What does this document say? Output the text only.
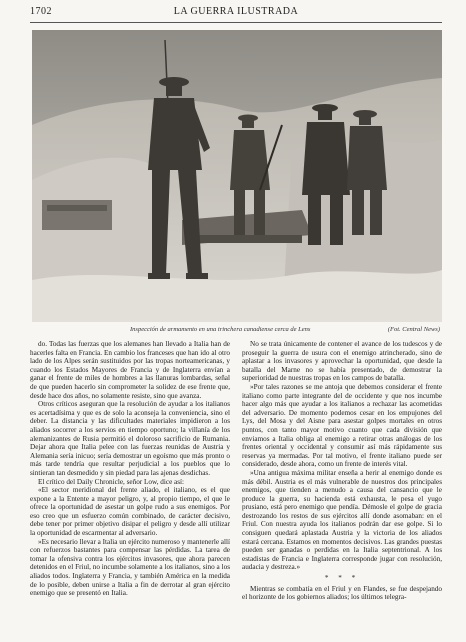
1702	LA GUERRA ILUSTRADA
Inspección de armamento en una trinchera canadiense cerca de Lens	(Fot. Central News)

do. Todas las fuerzas que los alemanes han llevado a Italia han de hacerles falta en Francia. En cambio los franceses que han ido al otro lado de los Alpes serán sustituidos por las tropas norteamericanas, y cuando los Estados Mayores de Francia y de Inglaterra envían a ganar el frente de miles de hombres a las llanuras lombardas, señal de que pueden hacerlo sin comprometer la solidez de ese frente que, desde hace dos años, no solamente resiste, sino que avanza.

Otros críticos aseguran que la resolución de ayudar a los italianos es acertadísima y que es de solo la aconseja la conveniencia, sino el deber. La distancia y las dificultades materiales impidieron a los aliados socorrer a los servios en tiempo oportuno; la villanía de los alemanizantes de Rusia permitió el doloroso sacrificio de Rumania. Dejar ahora que Italia pelee con las fuerzas reunidas de Austria y Alemania sería inicuo; sería demostrar un egoísmo que más pronto o más tarde tendría que resultar perjudicial a los pueblos que lo sintieran tan desmedido y sin piedad para las ajenas desdichas.

El crítico del Daily Chronicle, señor Low, dice así:

«El sector meridional del frente aliado, el italiano, es el que expone a la Entente a mayor peligro, y, al propio tiempo, el que le ofrece la oportunidad de asestar un golpe rudo a sus enemigos. Por eso creo que un esfuerzo común combinado, de carácter decisivo, debe tener por primer objetivo disipar el peligro y desde allí utilizar la oportunidad de escarmentar al adversario.

»Es necesario llevar a Italia un ejército numeroso y mantenerle allí con refuerzos bastantes para compensar las pérdidas. La tarea de tomar la ofensiva contra los ejércitos invasores, que ahora parecen detenidos en el Friul, no incumbe solamente a los italianos, sino a los aliados todos. Inglaterra y Francia, y también América en la medida de lo posible, deben unirse a Italia a fin de derrotar al gran ejército enemigo que se presentó en Italia.

No se trata únicamente de contener el avance de los tudescos y de proseguir la guerra de usura con el enemigo atrincherado, sino de aplastar a los invasores y aprovechar la oportunidad, que desde la batalla del Marne no se había presentado, de demostrar la superioridad de nuestras tropas en los campos de batalla.

»Por tales razones se me antoja que debemos considerar el frente italiano como parte integrante del de occidente y que nos incumbe hacer algo más que ayudar a los italianos a rechazar las acometidas del adversario. De momento podemos cesar en los empujones del Lys, del Mosa y del Aisne para asestar golpes mortales en otros puntos, con tanto mayor motivo cuanto que cada división que enviamos a Italia obliga al enemigo a retirar otras análogas de los frentes oriental y occidental y consumir así más rápidamente sus reservas ya mermadas. Por tal motivo, el frente italiano puede ser considerado, desde ahora, como un frente de interés vital.

»Una antigua máxima militar enseña a herir al enemigo donde es más débil. Austria es el más vulnerable de nuestros dos principales enemigos, que tienden a menudo a causa del cansancio que le produce la guerra, su hacienda está exhausta, le pesa el yugo prusiano, está pero enemigo que pendía. Démosle el golpe de gracia destrozando los restos de sus ejércitos allí donde asomaban: en el Friul. Con nuestra ayuda los italianos podrán dar ese golpe. Si lo consiguen quedará aplastada Austria y la victoria de los aliados estará cercana. Estamos en momentos decisivos. Las grandes puestas pueden ser ganadas o perdidas en la Italia septentrional. A los estadistas de Francia e Inglaterra corresponde jugar con resolución, audacia y destreza.»

* * *

Mientras se combatía en el Friul y en Flandes, se fue despejando el horizonte de los gobiernos aliados; los últimos telegra-
